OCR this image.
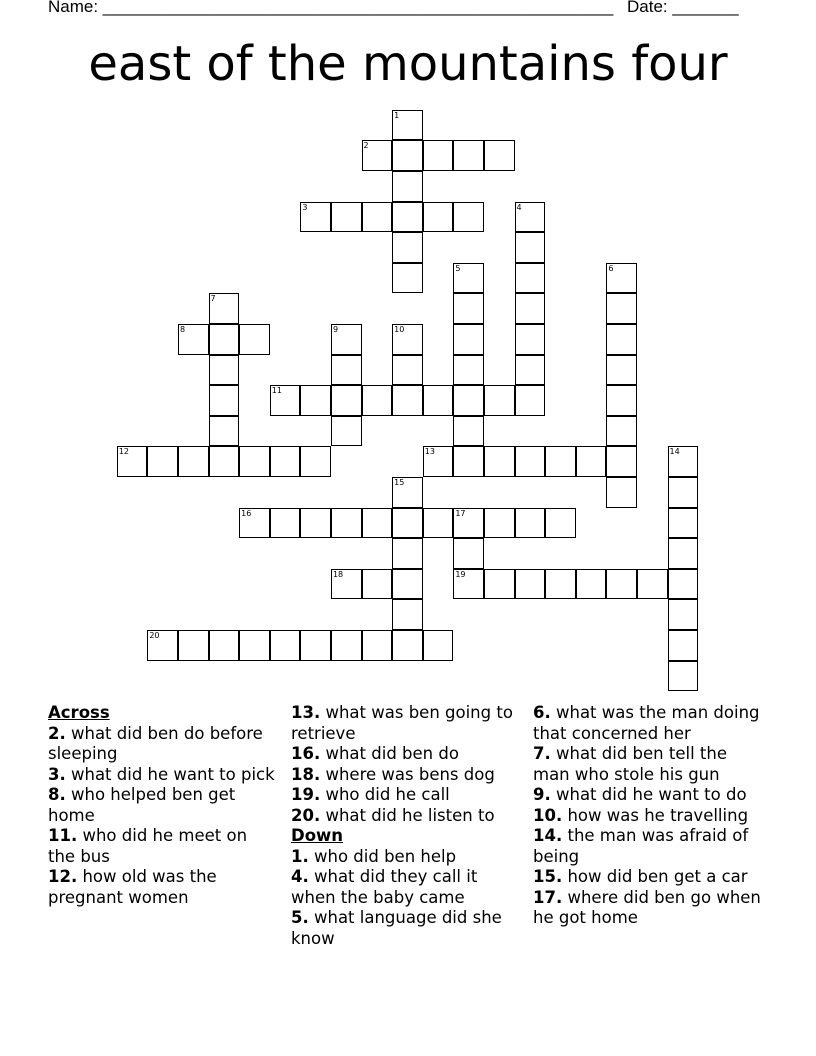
Name: ______________________________________________________ Date: _______
east of the mountains four
2
3
8
11
12	13
16	17
18	19
20
1
4
5	6
7
9	10
14
15
Across
2. what did ben do before sleeping
3. what did he want to pick
8. who helped ben get home
11. who did he meet on the bus
12. how old was the pregnant women
13. what was ben going to retrieve
16. what did ben do
18. where was bens dog
19. who did he call
20. what did he listen to
Down
1. who did ben help
4. what did they call it when the baby came
5. what language did she know
6. what was the man doing that concerned her
7. what did ben tell the man who stole his gun
9. what did he want to do
10. how was he travelling
14. the man was afraid of being
15. how did ben get a car
17. where did ben go when he got home
